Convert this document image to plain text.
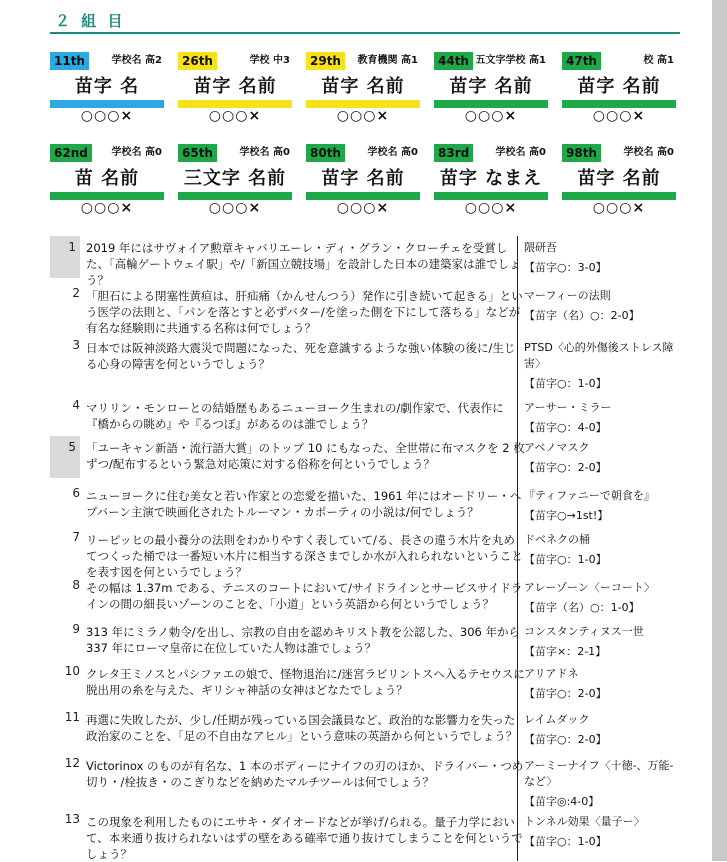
２ 組 目
11th	学校名 高2
苗字 名
○○○×
26th	学校 中3
苗字 名前
○○○×
29th	教育機関 高1
苗字 名前
○○○×
44th 五文字学校 高1
苗字 名前
○○○×
47th	校 高1
苗字 名前
○○○×
62nd	学校名 高0
苗 名前
○○○×
65th	学校名 高0
三文字 名前
○○○×
80th	学校名 高0
苗字 名前
○○○×
83rd	学校名 高0
苗字 なまえ
○○○×
98th	学校名 高0
苗字 名前
○○○×
1 2019 年にはサヴォイア勲章キャバリエーレ・ディ・グラン・クローチェを受賞した、「高輪ゲートウェイ駅」や/「新国立競技場」を設計した日本の建築家は誰でしょう？
隈研吾
【苗字○：3-0】
2 「胆石による閉塞性黄疸は、肝疝痛（かんせんつう）発作に引き続いて起きる」という医学の法則と、「パンを落とすと必ずバター/を塗った側を下にして落ちる」などが有名な経験則に共通する名称は何でしょう？
マーフィーの法則
【苗字（名）○：2-0】
3 日本では阪神淡路大震災で問題になった、死を意識するような強い体験の後に/生じる心身の障害を何というでしょう？
PTSD〈心的外傷後ストレス障害〉
【苗字○：1-0】
4 マリリン・モンローとの結婚歴もあるニューヨーク生まれの/劇作家で、代表作に『橋からの眺め』や『るつぼ』があるのは誰でしょう？
アーサー・ミラー
【苗字○：4-0】
5 「ユーキャン新語・流行語大賞」のトップ 10 にもなった、全世帯に布マスクを 2 枚ずつ/配布するという緊急対応策に対する俗称を何というでしょう？
アベノマスク
【苗字○：2-0】
6 ニューヨークに住む美女と若い作家との恋愛を描いた、1961 年にはオードリー・ヘプバーン主演で映画化されたトルーマン・カポーティの小説は/何でしょう？
『ティファニーで朝食を』
【苗字○→1st!】
7 リービッヒの最小養分の法則をわかりやすく表していて/る、長さの違う木片を丸めてつくった桶では一番短い木片に相当する深さまでしか水が入れられないということを表す図を何というでしょう？
ドベネクの桶
【苗字○：1-0】
8 その幅は 1.37m である、テニスのコートにおいて/サイドラインとサービスサイドラインの間の細長いゾーンのことを、「小道」という英語から何というでしょう？
アレーゾーン〈ーコート〉
【苗字（名）○：1-0】
9 313 年にミラノ勅令/を出し、宗教の自由を認めキリスト教を公認した、306 年から 337 年にローマ皇帝に在位していた人物は誰でしょう？
コンスタンティヌス一世
【苗字×：2-1】
10 クレタ王ミノスとパシファエの娘で、怪物退治に/迷宮ラビリントスへ入るテセウスに脱出用の糸を与えた、ギリシャ神話の女神はどなたでしょう？
アリアドネ
【苗字○：2-0】
11 再選に失敗したが、少し/任期が残っている国会議員など、政治的な影響力を失った政治家のことを、「足の不自由なアヒル」という意味の英語から何というでしょう？
レイムダック
【苗字○：2-0】
12 Victorinox のものが有名な、1 本のボディーにナイフの刃のほか、ドライバー・つめ切り・/栓抜き・のこぎりなどを納めたマルチツールは何でしょう？
アーミーナイフ〈十徳-、万能-など〉
【苗字◎:4-0】
13 この現象を利用したものにエサキ・ダイオードなどが挙げ/られる。量子力学において、本来通り抜けられないはずの壁をある確率で通り抜けてしまうことを何というでしょう？
トンネル効果〈量子ー〉
【苗字○：1-0】
